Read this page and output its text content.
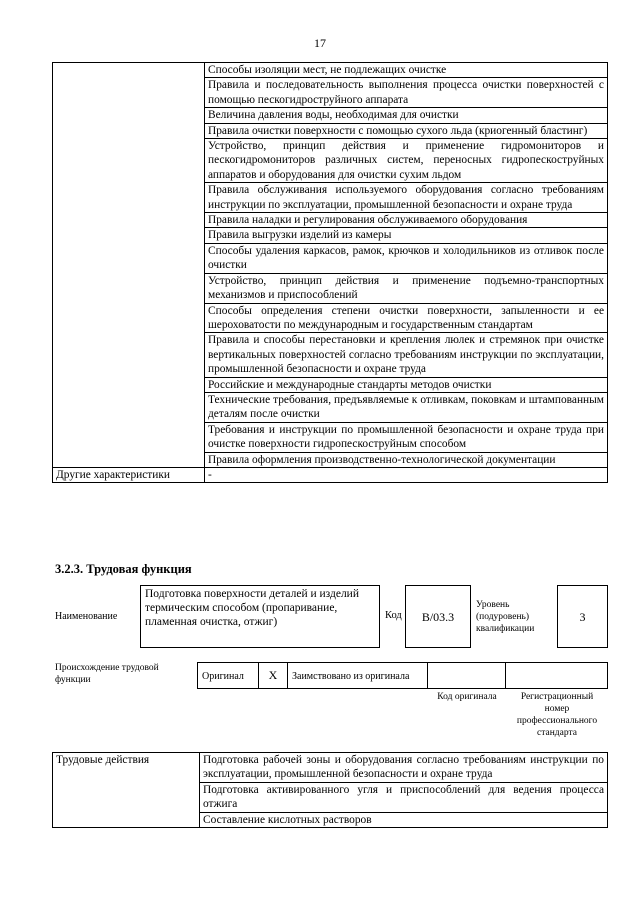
17
	Способы изоляции мест, не подлежащих очистке
	Правила и последовательность выполнения процесса очистки поверхностей с помощью пескогидроструйного аппарата
	Величина давления воды, необходимая для очистки
	Правила очистки поверхности с помощью сухого льда (криогенный бластинг)
	Устройство, принцип действия и применение гидромониторов и пескогидромониторов различных систем, переносных гидропескоструйных аппаратов и оборудования для очистки сухим льдом
	Правила обслуживания используемого оборудования согласно требованиям инструкции по эксплуатации, промышленной безопасности и охране труда
	Правила наладки и регулирования обслуживаемого оборудования
	Правила выгрузки изделий из камеры
	Способы удаления каркасов, рамок, крючков и холодильников из отливок после очистки
	Устройство, принцип действия и применение подъемно-транспортных механизмов и приспособлений
	Способы определения степени очистки поверхности, запыленности и ее шероховатости по международным и государственным стандартам
	Правила и способы перестановки и крепления люлек и стремянок при очистке вертикальных поверхностей согласно требованиям инструкции по эксплуатации, промышленной безопасности и охране труда
	Российские и международные стандарты методов очистки
	Технические требования, предъявляемые к отливкам, поковкам и штампованным деталям после очистки
	Требования и инструкции по промышленной безопасности и охране труда при очистке поверхности гидропескоструйным способом
	Правила оформления производственно-технологической документации
Другие характеристики	-
3.2.3. Трудовая функция
Наименование
Подготовка поверхности деталей и изделий термическим способом (пропаривание, пламенная очистка, отжиг)
Код	В/03.3
Уровень (подуровень) квалификации
3
Происхождение трудовой функции	Оригинал	X	Заимствовано из оригинала
Код оригинала	Регистрационный номер профессионального стандарта
Трудовые действия	Подготовка рабочей зоны и оборудования согласно требованиям инструкции по эксплуатации, промышленной безопасности и охране труда
Подготовка активированного угля и приспособлений для ведения процесса отжига
Составление кислотных растворов
